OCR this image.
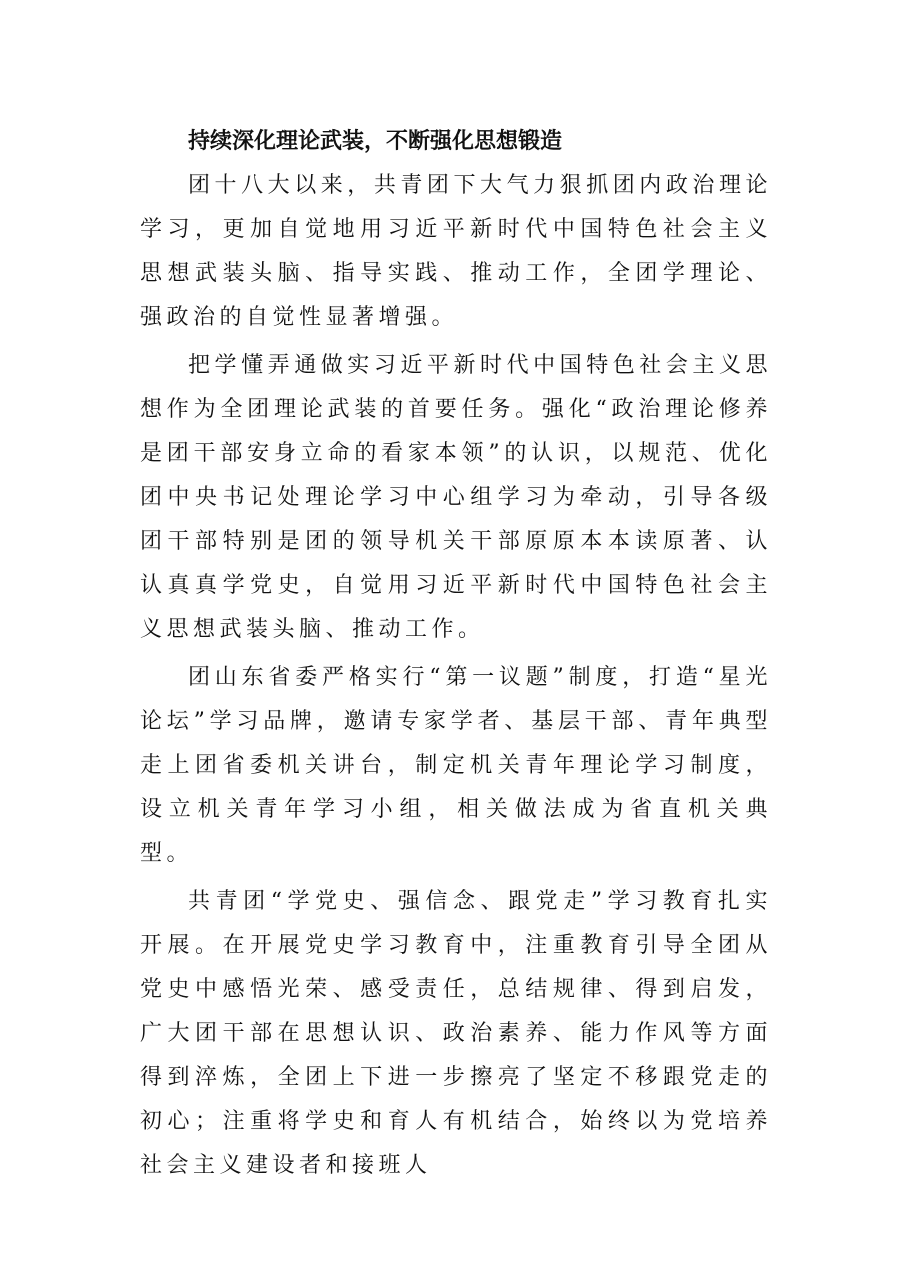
持续深化理论武装，不断强化思想锻造

团十八大以来，共青团下大气力狠抓团内政治理论学习，更加自觉地用习近平新时代中国特色社会主义思想武装头脑、指导实践、推动工作，全团学理论、强政治的自觉性显著增强。

把学懂弄通做实习近平新时代中国特色社会主义思想作为全团理论武装的首要任务。强化“政治理论修养是团干部安身立命的看家本领”的认识，以规范、优化团中央书记处理论学习中心组学习为牵动，引导各级团干部特别是团的领导机关干部原原本本读原著、认认真真学党史，自觉用习近平新时代中国特色社会主义思想武装头脑、推动工作。

团山东省委严格实行“第一议题”制度，打造“星光论坛”学习品牌，邀请专家学者、基层干部、青年典型走上团省委机关讲台，制定机关青年理论学习制度，设立机关青年学习小组，相关做法成为省直机关典型。

共青团“学党史、强信念、跟党走”学习教育扎实开展。在开展党史学习教育中，注重教育引导全团从党史中感悟光荣、感受责任，总结规律、得到启发，广大团干部在思想认识、政治素养、能力作风等方面得到淬炼，全团上下进一步擦亮了坚定不移跟党走的初心；注重将学史和育人有机结合，始终以为党培养社会主义建设者和接班人
